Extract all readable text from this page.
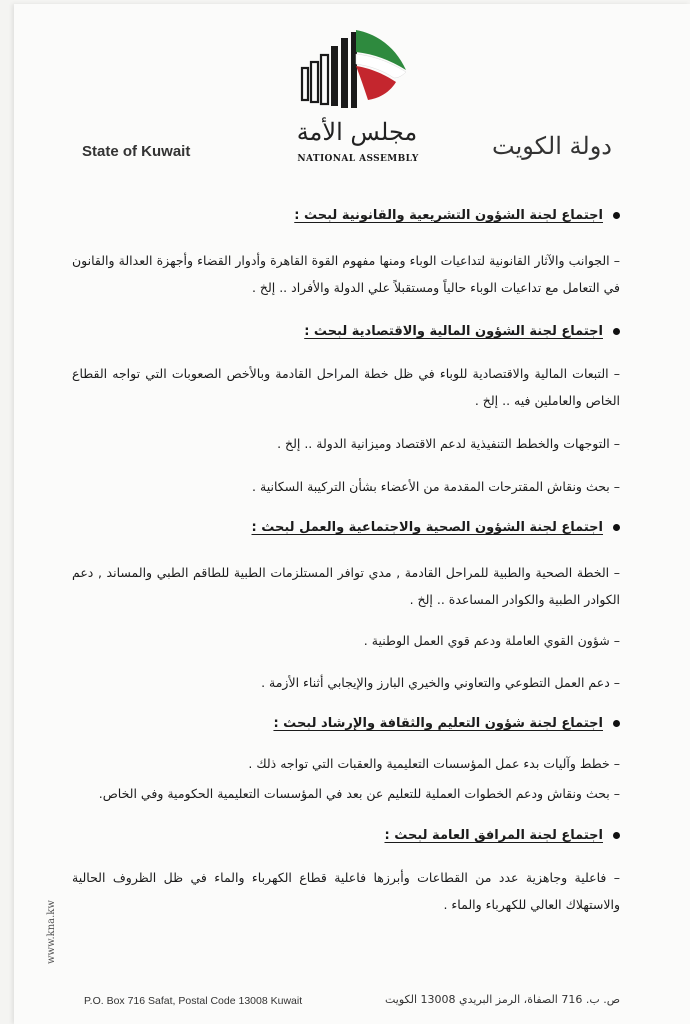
مجلس الأمة
NATIONAL ASSEMBLY
State of Kuwait	دولة الكويت
اجتماع لجنة الشؤون التشريعية والقانونية لبحث :
– الجوانب والآثار القانونية لتداعيات الوباء ومنها مفهوم القوة القاهرة وأدوار القضاء وأجهزة العدالة والقانون في التعامل مع تداعيات الوباء حالياً ومستقبلاً علي الدولة والأفراد .. إلخ .
اجتماع لجنة الشؤون المالية والاقتصادية لبحث :
– التبعات المالية والاقتصادية للوباء في ظل خطة المراحل القادمة وبالأخص الصعوبات التي تواجه القطاع الخاص والعاملين فيه .. إلخ .
– التوجهات والخطط التنفيذية لدعم الاقتصاد وميزانية الدولة .. إلخ .
– بحث ونقاش المقترحات المقدمة من الأعضاء بشأن التركيبة السكانية .
اجتماع لجنة الشؤون الصحية والاجتماعية والعمل لبحث :
– الخطة الصحية والطبية للمراحل القادمة , مدي توافر المستلزمات الطبية للطاقم الطبي والمساند , دعم الكوادر الطبية والكوادر المساعدة .. إلخ .
– شؤون القوي العاملة ودعم قوي العمل الوطنية .
– دعم العمل التطوعي والتعاوني والخيري البارز والإيجابي أثناء الأزمة .
اجتماع لجنة شؤون التعليم والثقافة والإرشاد لبحث :
– خطط وآليات بدء عمل المؤسسات التعليمية والعقبات التي تواجه ذلك .
– بحث ونقاش ودعم الخطوات العملية للتعليم عن بعد في المؤسسات التعليمية الحكومية وفي الخاص.
اجتماع لجنة المرافق العامة لبحث :
– فاعلية وجاهزية عدد من القطاعات وأبرزها فاعلية قطاع الكهرباء والماء في ظل الظروف الحالية والاستهلاك العالي للكهرباء والماء .
www.kna.kw
P.O. Box 716 Safat, Postal Code 13008 Kuwait	ص. ب. 716 الصفاة، الرمز البريدي 13008 الكويت
